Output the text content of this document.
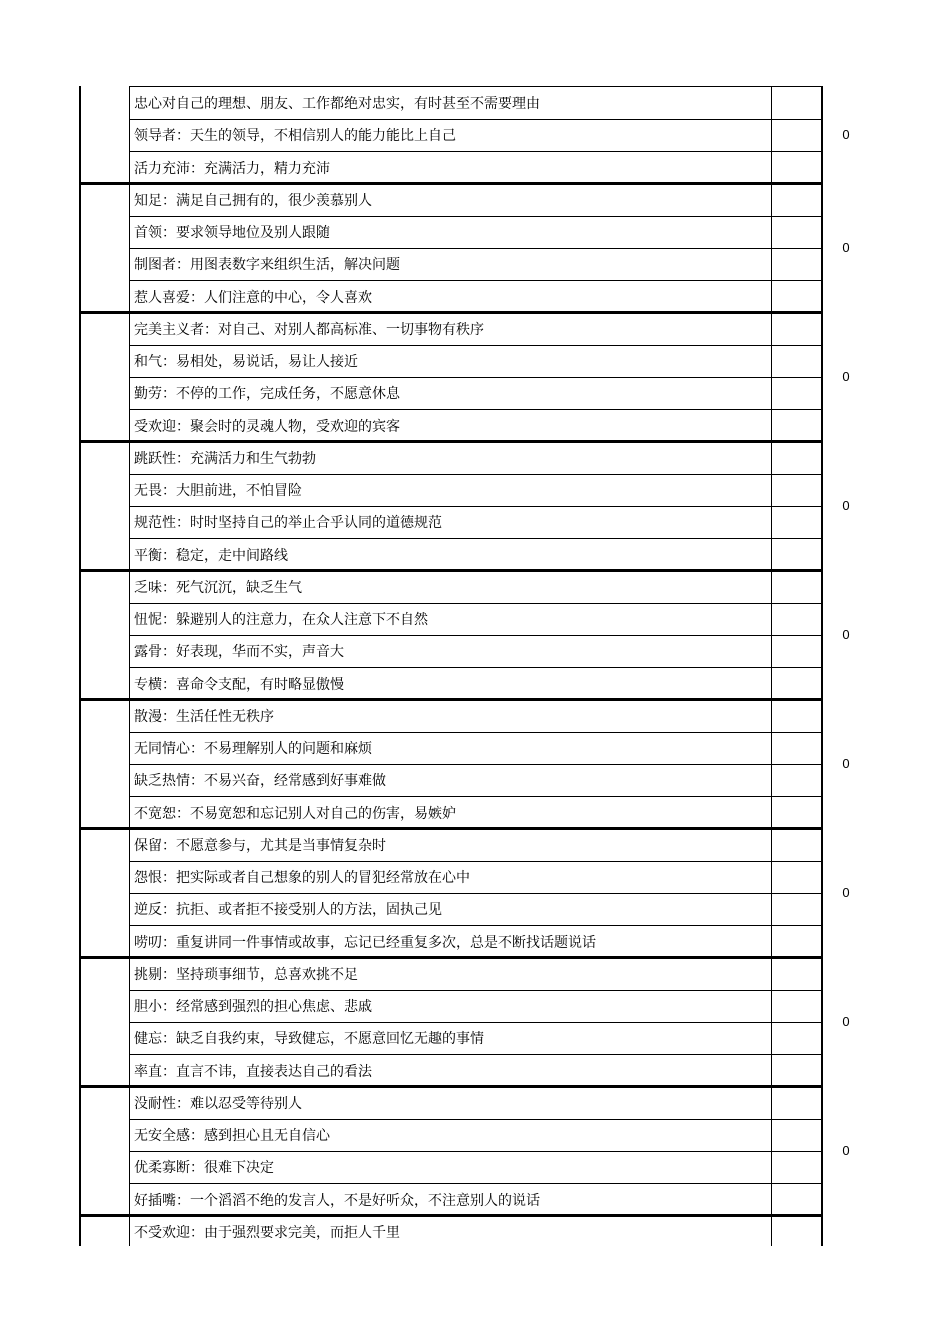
忠心对自己的理想、朋友、工作都绝对忠实，有时甚至不需要理由
领导者：天生的领导，不相信别人的能力能比上自己
活力充沛：充满活力，精力充沛
0
知足：满足自己拥有的，很少羡慕别人
首领：要求领导地位及别人跟随
制图者：用图表数字来组织生活，解决问题
惹人喜爱：人们注意的中心，令人喜欢
0
完美主义者：对自己、对别人都高标准、一切事物有秩序
和气：易相处，易说话，易让人接近
勤劳：不停的工作，完成任务，不愿意休息
受欢迎：聚会时的灵魂人物，受欢迎的宾客
0
跳跃性：充满活力和生气勃勃
无畏：大胆前进，不怕冒险
规范性：时时坚持自己的举止合乎认同的道德规范
平衡：稳定，走中间路线
0
乏味：死气沉沉，缺乏生气
忸怩：躲避别人的注意力，在众人注意下不自然
露骨：好表现，华而不实，声音大
专横：喜命令支配，有时略显傲慢
0
散漫：生活任性无秩序
无同情心：不易理解别人的问题和麻烦
缺乏热情：不易兴奋，经常感到好事难做
不宽恕：不易宽恕和忘记别人对自己的伤害，易嫉妒
0
保留：不愿意参与，尤其是当事情复杂时
怨恨：把实际或者自己想象的别人的冒犯经常放在心中
逆反：抗拒、或者拒不接受别人的方法，固执己见
唠叨：重复讲同一件事情或故事，忘记已经重复多次，总是不断找话题说话
0
挑剔：坚持琐事细节，总喜欢挑不足
胆小：经常感到强烈的担心焦虑、悲戚
健忘：缺乏自我约束，导致健忘，不愿意回忆无趣的事情
率直：直言不讳，直接表达自己的看法
0
没耐性：难以忍受等待别人
无安全感：感到担心且无自信心
优柔寡断：很难下决定
好插嘴：一个滔滔不绝的发言人，不是好听众，不注意别人的说话
0
不受欢迎：由于强烈要求完美，而拒人千里
